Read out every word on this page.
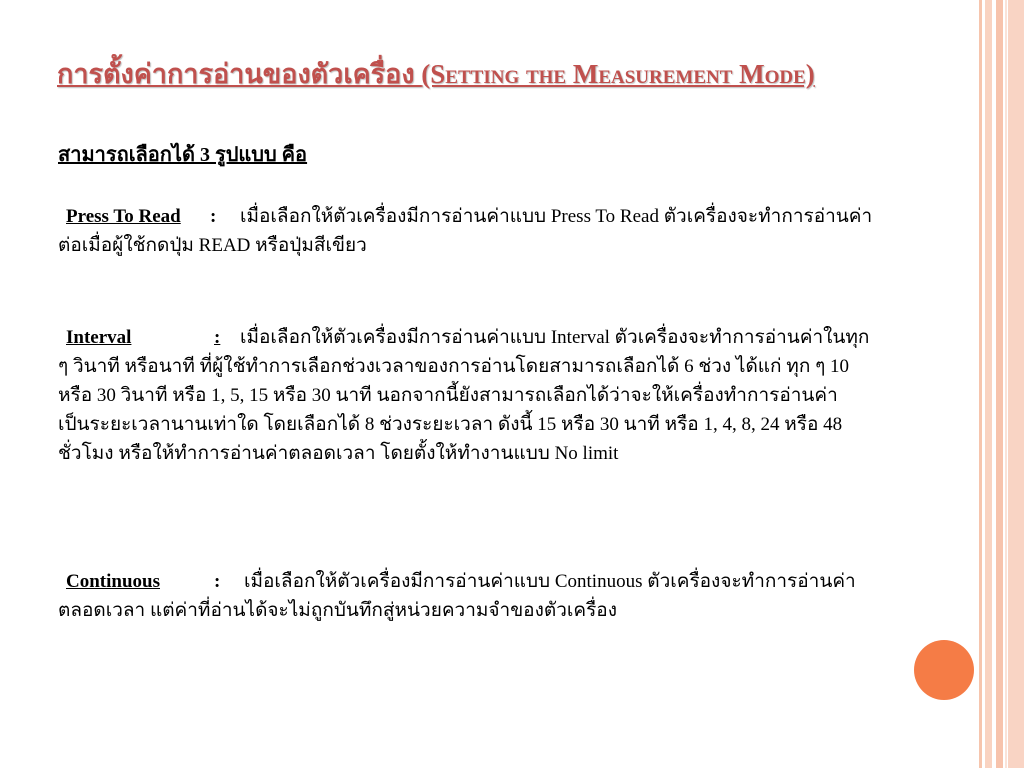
การตั้งค่าการอ่านของตัวเครื่อง (Setting the Measurement Mode)
สามารถเลือกได้ 3 รูปแบบ คือ
Press To Read : เมื่อเลือกให้ตัวเครื่องมีการอ่านค่าแบบ Press To Read ตัวเครื่องจะทำการอ่านค่า
ต่อเมื่อผู้ใช้กดปุ่ม READ หรือปุ่มสีเขียว
Interval	: เมื่อเลือกให้ตัวเครื่องมีการอ่านค่าแบบ Interval ตัวเครื่องจะทำการอ่านค่าในทุก
ๆ วินาที หรือนาที ที่ผู้ใช้ทำการเลือกช่วงเวลาของการอ่านโดยสามารถเลือกได้ 6 ช่วง ได้แก่ ทุก ๆ 10
หรือ 30 วินาที หรือ 1, 5, 15 หรือ 30 นาที นอกจากนี้ยังสามารถเลือกได้ว่าจะให้เครื่องทำการอ่านค่า
เป็นระยะเวลานานเท่าใด โดยเลือกได้ 8 ช่วงระยะเวลา ดังนี้ 15 หรือ 30 นาที หรือ 1, 4, 8, 24 หรือ 48
ชั่วโมง หรือให้ทำการอ่านค่าตลอดเวลา โดยตั้งให้ทำงานแบบ No limit
Continuous	: เมื่อเลือกให้ตัวเครื่องมีการอ่านค่าแบบ Continuous ตัวเครื่องจะทำการอ่านค่า
ตลอดเวลา แต่ค่าที่อ่านได้จะไม่ถูกบันทึกสู่หน่วยความจำของตัวเครื่อง
